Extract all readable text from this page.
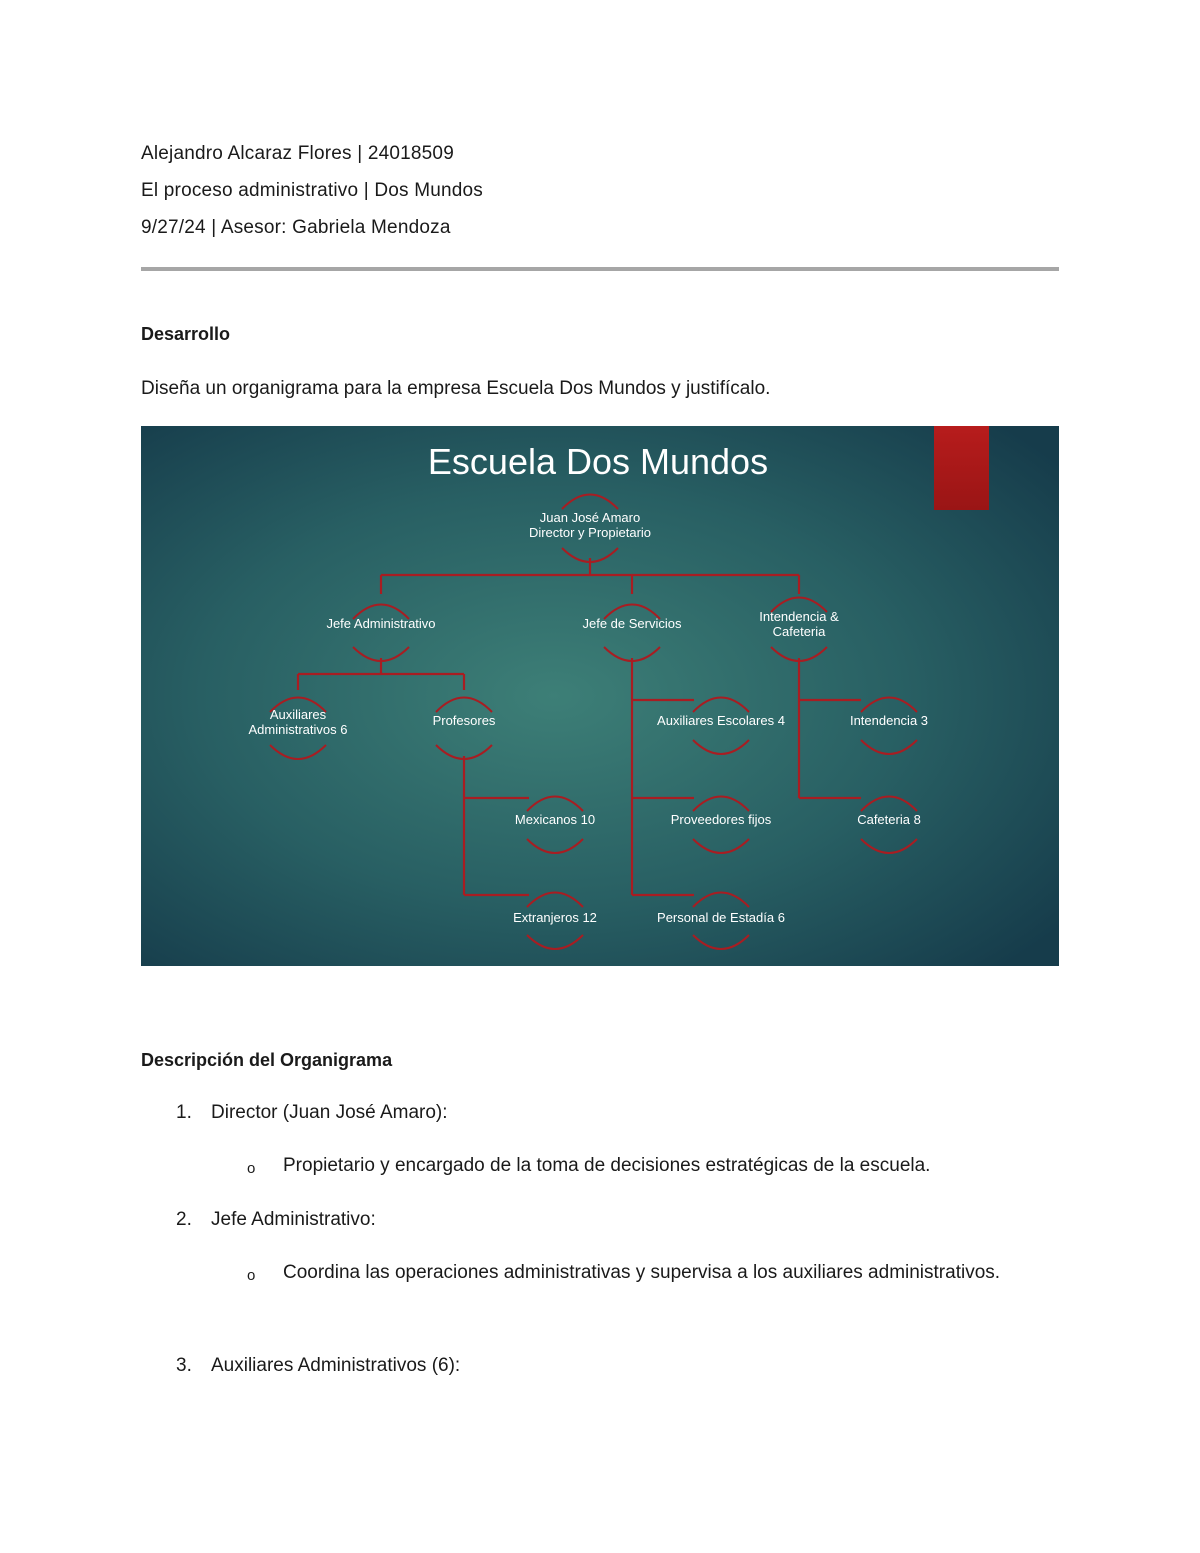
Alejandro Alcaraz Flores | 24018509
El proceso administrativo | Dos Mundos
9/27/24 | Asesor: Gabriela Mendoza
Desarrollo
Diseña un organigrama para la empresa Escuela Dos Mundos y justifícalo.
Escuela Dos Mundos
Juan José Amaro
Director y Propietario
Jefe Administrativo	Jefe de Servicios	Intendencia &
Cafeteria
Auxiliares
Administrativos 6
Profesores
Mexicanos 10
Extranjeros 12
Auxiliares Escolares 4
Proveedores fijos
Personal de Estadía 6
Intendencia 3
Cafeteria 8
Descripción del Organigrama
1. Director (Juan José Amaro):
o Propietario y encargado de la toma de decisiones estratégicas de la escuela.
2. Jefe Administrativo:
o Coordina las operaciones administrativas y supervisa a los auxiliares administrativos.
3. Auxiliares Administrativos (6):
